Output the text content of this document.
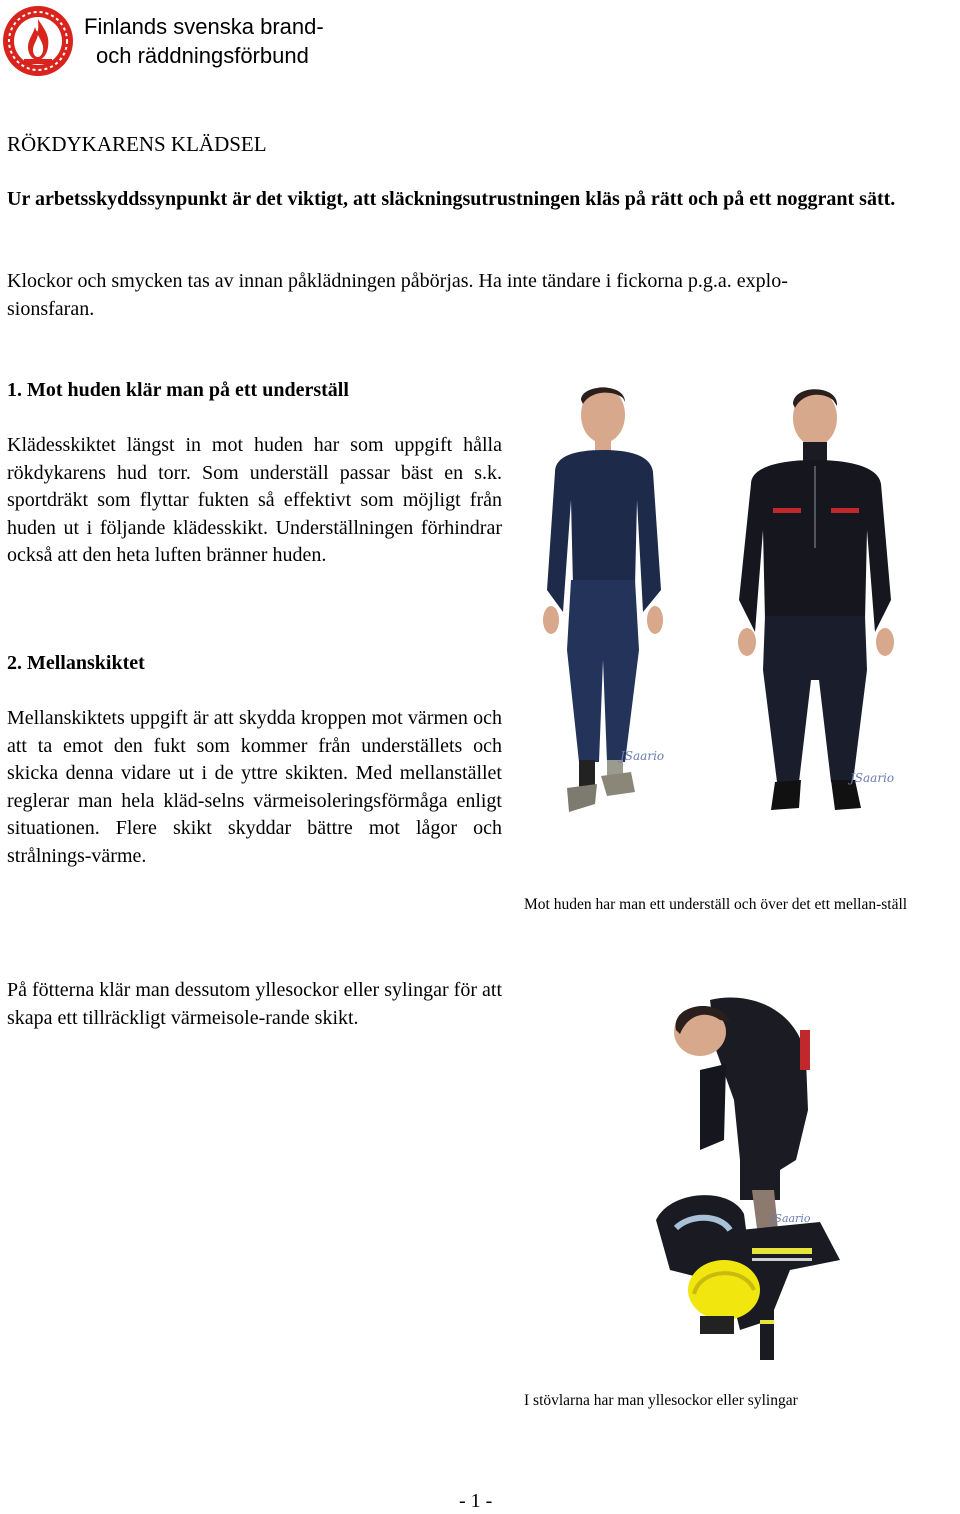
Finlands svenska brand-
och räddningsförbund
RÖKDYKARENS KLÄDSEL
Ur arbetsskyddssynpunkt är det viktigt, att släckningsutrustningen kläs på rätt och på ett noggrant sätt.
Klockor och smycken tas av innan påklädningen påbörjas. Ha inte tändare i fickorna p.g.a. explo-
sionsfaran.
1. Mot huden klär man på ett underställ
Klädesskiktet längst in mot huden har som uppgift hålla rökdykarens hud torr. Som underställ passar bäst en s.k. sportdräkt som flyttar fukten så effektivt som möjligt från huden ut i följande klädesskikt. Underställningen förhindrar också att den heta luften bränner huden.
2. Mellanskiktet
Mellanskiktets uppgift är att skydda kroppen mot värmen och att ta emot den fukt som kommer från underställets och skicka denna vidare ut i de yttre skikten. Med mellanstället reglerar man hela kläd-selns värmeisoleringsförmåga enligt situationen. Flere skikt skyddar bättre mot lågor och strålnings-värme.
På fötterna klär man dessutom yllesockor eller sylingar för att skapa ett tillräckligt värmeisole-rande skikt.
JSaario
JSaario
Mot huden har man ett underställ och över det ett mellan-ställ
JSaario
I stövlarna har man yllesockor eller sylingar
- 1 -
